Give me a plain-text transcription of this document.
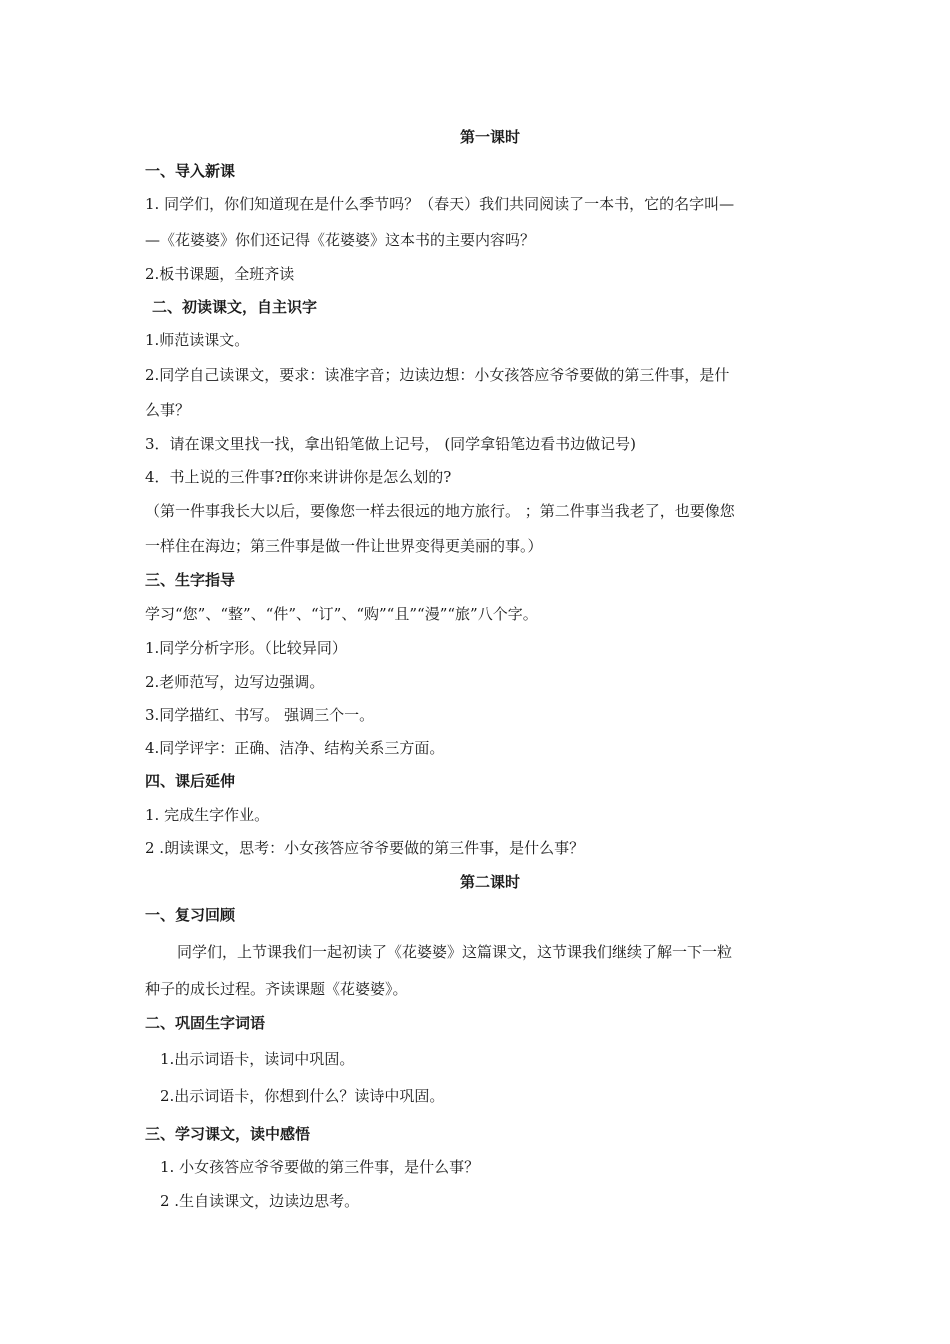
第一课时
一、导入新课
1. 同学们，你们知道现在是什么季节吗？（春天）我们共同阅读了一本书，它的名字叫—
—《花婆婆》你们还记得《花婆婆》这本书的主要内容吗？
2.板书课题，全班齐读
二、初读课文，自主识字
1.师范读课文。
2.同学自己读课文，要求：读准字音；边读边想：小女孩答应爷爷要做的第三件事，是什
么事？
3．请在课文里找一找，拿出铅笔做上记号， (同学拿铅笔边看书边做记号)
4．书上说的三件事?ff你来讲讲你是怎么划的?
（第一件事我长大以后，要像您一样去很远的地方旅行。 ；第二件事当我老了，也要像您
一样住在海边；第三件事是做一件让世界变得更美丽的事。）
三、生字指导
学习“您”、“整”、“件”、“订”、“购”“且”“漫”“旅”八个字。
1.同学分析字形。（比较异同）
2.老师范写，边写边强调。
3.同学描红、书写。 强调三个一。
4.同学评字：正确、洁净、结构关系三方面。
四、课后延伸
1. 完成生字作业。
2 .朗读课文，思考：小女孩答应爷爷要做的第三件事，是什么事？
第二课时
一、复习回顾
同学们，上节课我们一起初读了《花婆婆》这篇课文，这节课我们继续了解一下一粒
种子的成长过程。齐读课题《花婆婆》。
二、巩固生字词语
1.出示词语卡，读词中巩固。
2.出示词语卡，你想到什么？读诗中巩固。
三、学习课文，读中感悟
1. 小女孩答应爷爷要做的第三件事，是什么事？
2 .生自读课文，边读边思考。
